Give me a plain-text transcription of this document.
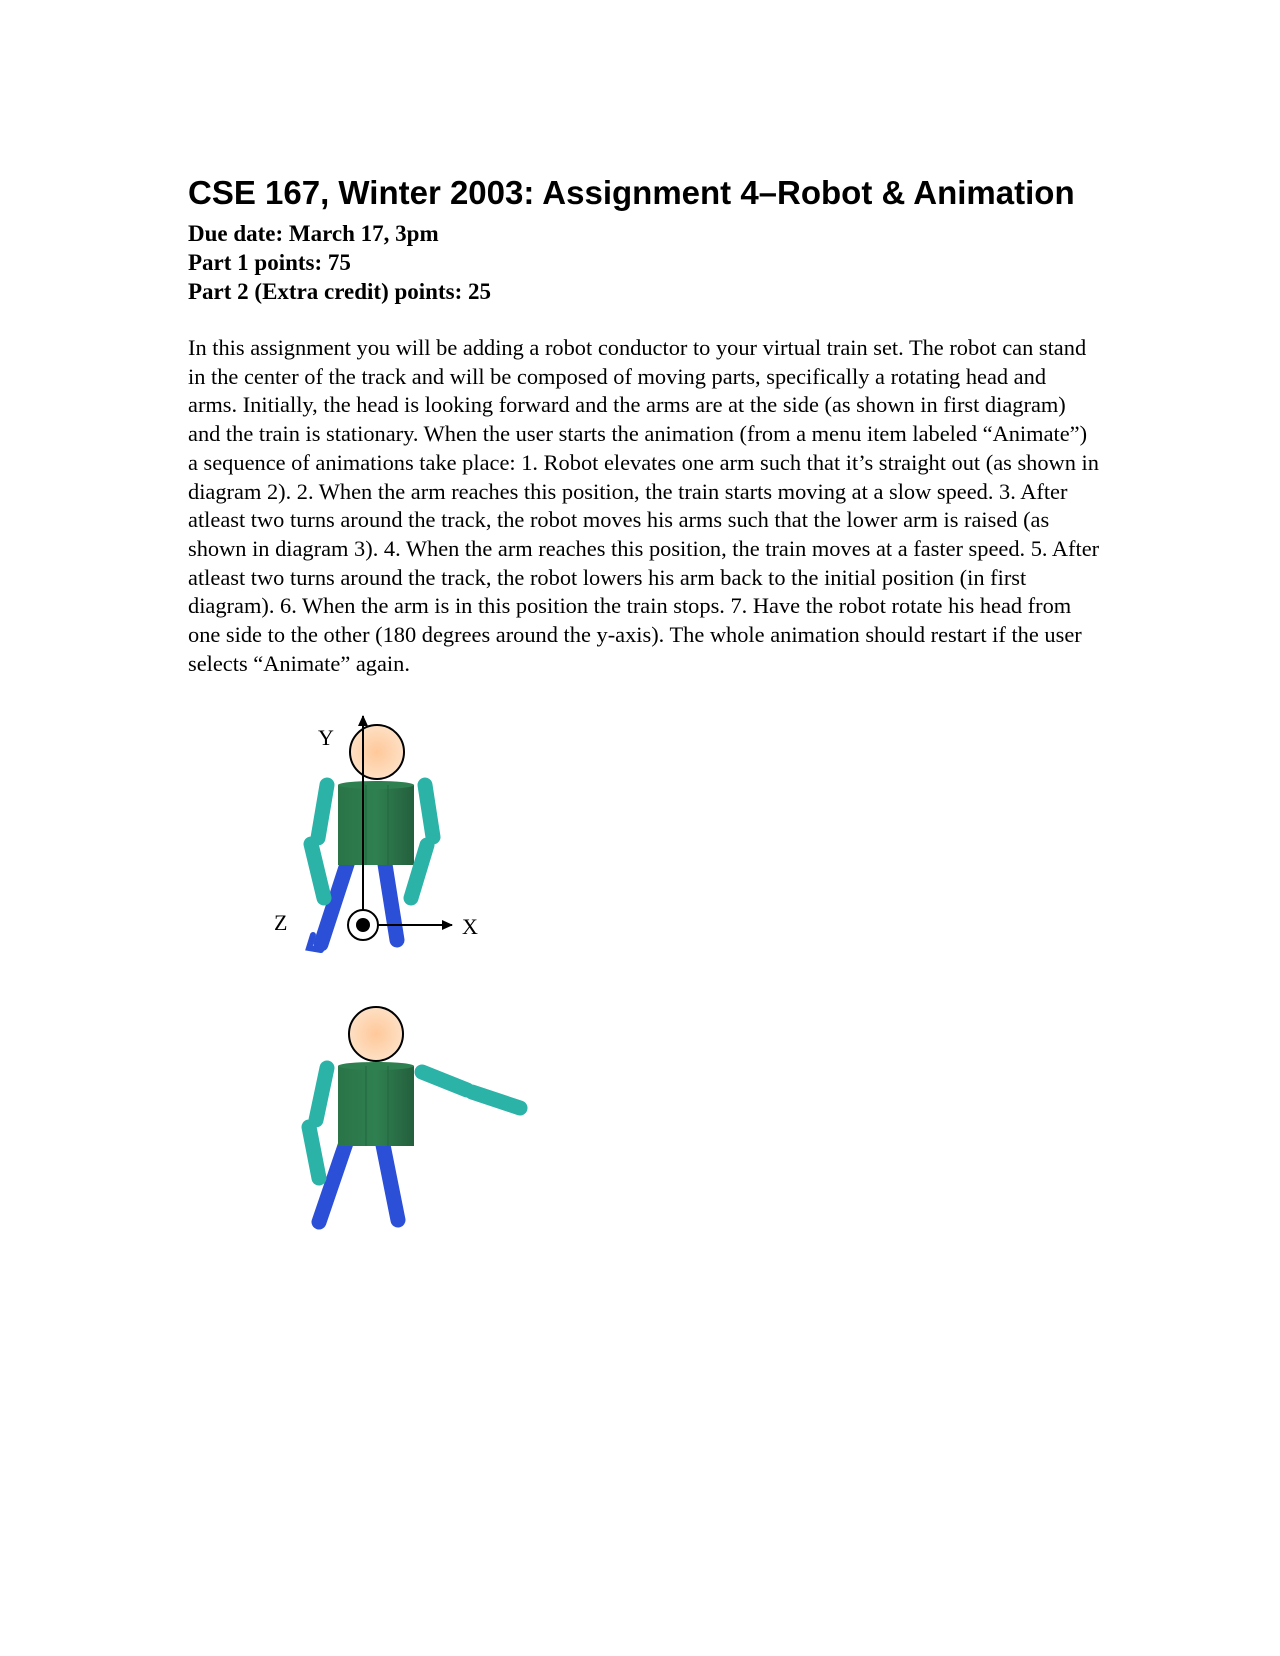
CSE 167, Winter 2003: Assignment 4–Robot & Animation
Due date: March 17, 3pm
Part 1 points: 75
Part 2 (Extra credit) points: 25

In this assignment you will be adding a robot conductor to your virtual train set. The robot can stand in the center of the track and will be composed of moving parts, specifically a rotating head and arms. Initially, the head is looking forward and the arms are at the side (as shown in first diagram) and the train is stationary. When the user starts the animation (from a menu item labeled “Animate”) a sequence of animations take place: 1. Robot elevates one arm such that it’s straight out (as shown in diagram 2). 2. When the arm reaches this position, the train starts moving at a slow speed. 3. After atleast two turns around the track, the robot moves his arms such that the lower arm is raised (as shown in diagram 3). 4. When the arm reaches this position, the train moves at a faster speed. 5. After atleast two turns around the track, the robot lowers his arm back to the initial position (in first diagram). 6. When the arm is in this position the train stops. 7. Have the robot rotate his head from one side to the other (180 degrees around the y-axis). The whole animation should restart if the user selects “Animate” again.

Y
Z	X
